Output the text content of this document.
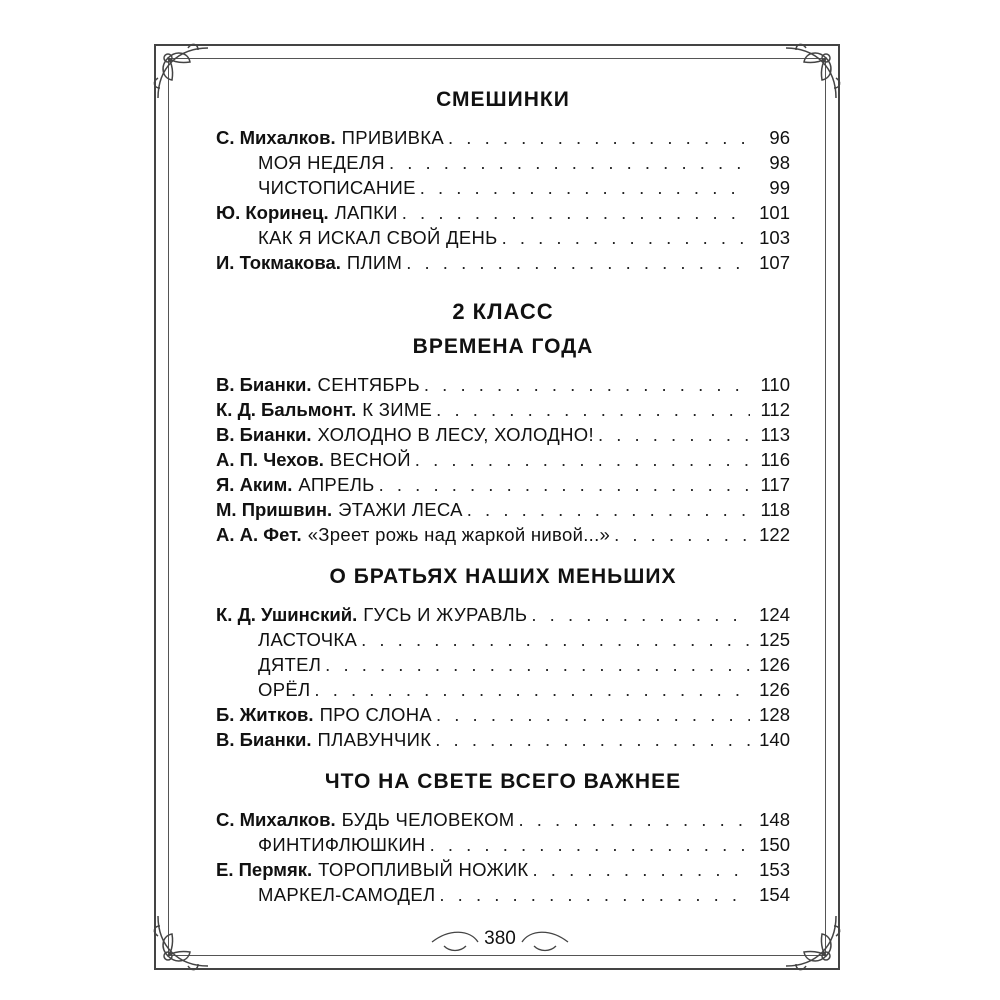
СМЕШИНКИ
С. Михалков. ПРИВИВКА . . .	96
МОЯ НЕДЕЛЯ . . .	98
ЧИСТОПИСАНИЕ . . .	99
Ю. Коринец. ЛАПКИ . . .	101
КАК Я ИСКАЛ СВОЙ ДЕНЬ . . .	103
И. Токмакова. ПЛИМ . . .	107
2 КЛАСС
ВРЕМЕНА ГОДА
В. Бианки. СЕНТЯБРЬ . . .	110
К. Д. Бальмонт. К ЗИМЕ . . .	112
В. Бианки. ХОЛОДНО В ЛЕСУ, ХОЛОДНО! . . .	113
А. П. Чехов. ВЕСНОЙ . . .	116
Я. Аким. АПРЕЛЬ . . .	117
М. Пришвин. ЭТАЖИ ЛЕСА . . .	118
А. А. Фет. «Зреет рожь над жаркой нивой...» . . .	122
О БРАТЬЯХ НАШИХ МЕНЬШИХ
К. Д. Ушинский. ГУСЬ И ЖУРАВЛЬ . . .	124
ЛАСТОЧКА . . .	125
ДЯТЕЛ . . .	126
ОРЁЛ . . .	126
Б. Житков. ПРО СЛОНА . . .	128
В. Бианки. ПЛАВУНЧИК . . .	140
ЧТО НА СВЕТЕ ВСЕГО ВАЖНЕЕ
С. Михалков. БУДЬ ЧЕЛОВЕКОМ . . .	148
ФИНТИФЛЮШКИН . . .	150
Е. Пермяк. ТОРОПЛИВЫЙ НОЖИК . . .	153
МАРКЕЛ-САМОДЕЛ . . .	154
380
